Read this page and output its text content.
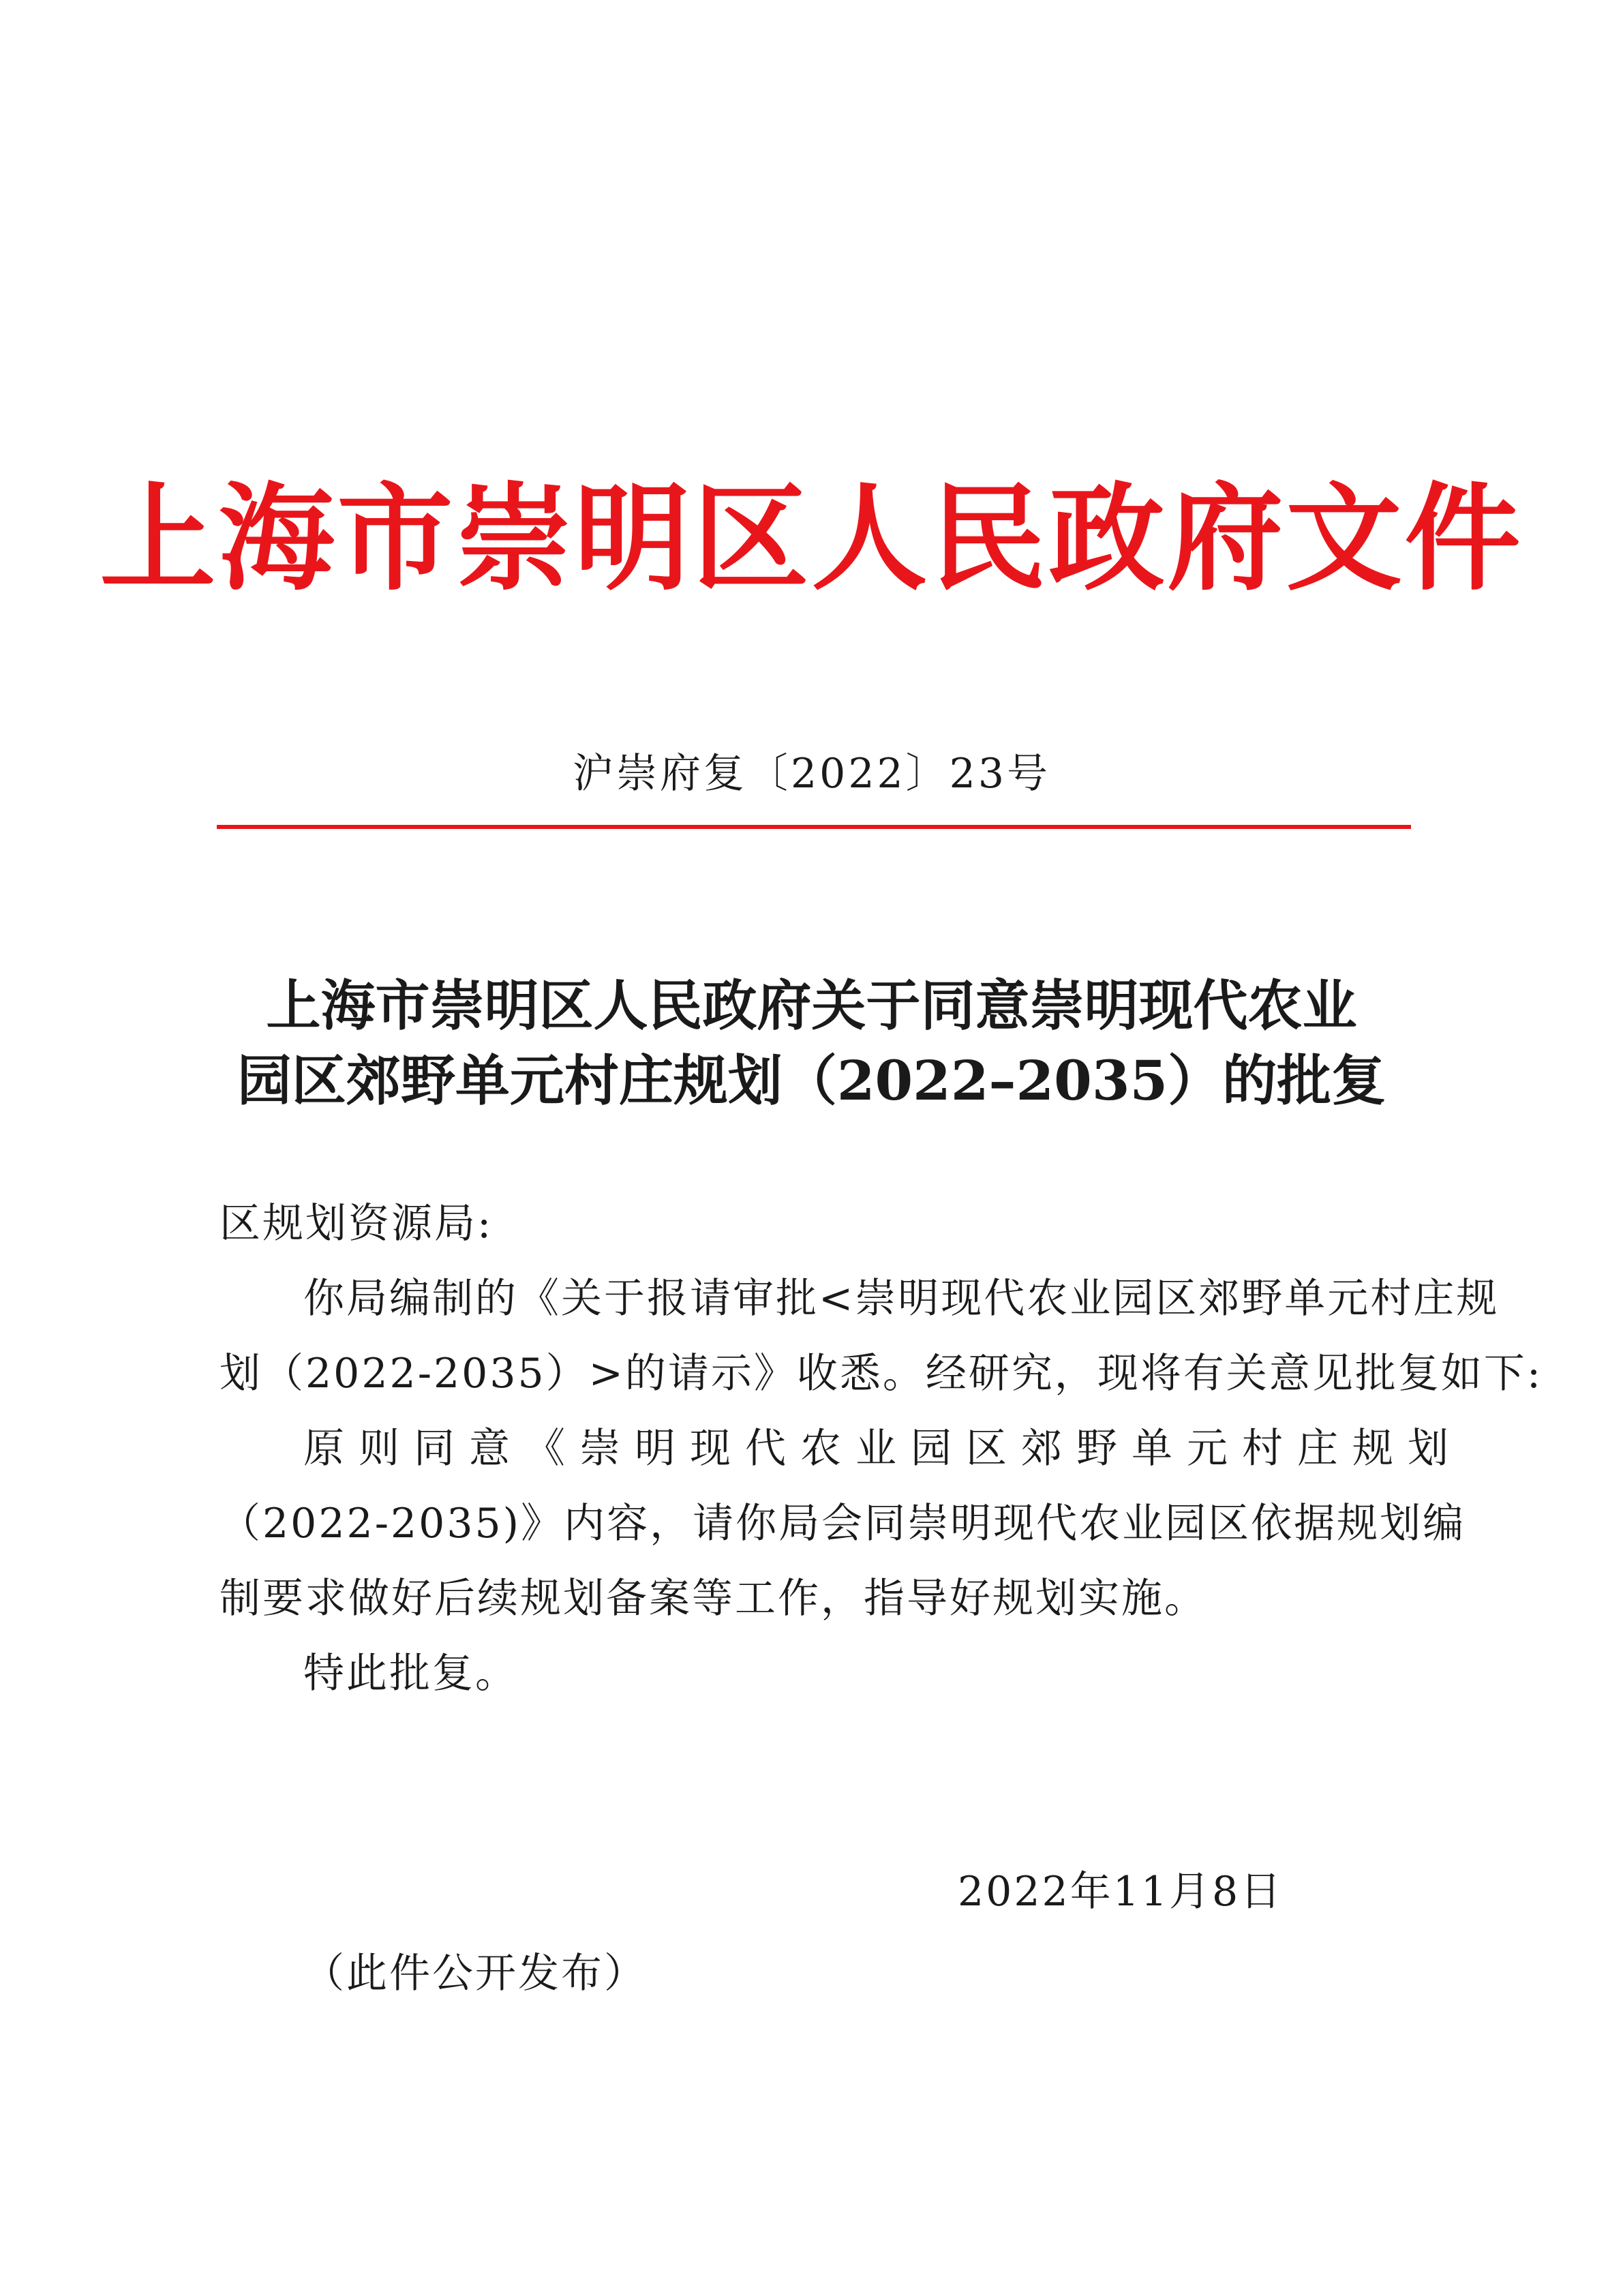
上海市崇明区人民政府文件
沪崇府复〔2022〕23号
上海市崇明区人民政府关于同意崇明现代农业
园区郊野单元村庄规划（2022–2035）的批复
区规划资源局:
你局编制的《关于报请审批<崇明现代农业园区郊野单元村庄规
划（2022-2035）>的请示》收悉。经研究，现将有关意见批复如下:
原则同意《崇明现代农业园区郊野单元村庄规划
（2022-2035)》内容，请你局会同崇明现代农业园区依据规划编
制要求做好后续规划备案等工作，指导好规划实施。
特此批复。
2022年11月8日
（此件公开发布）
